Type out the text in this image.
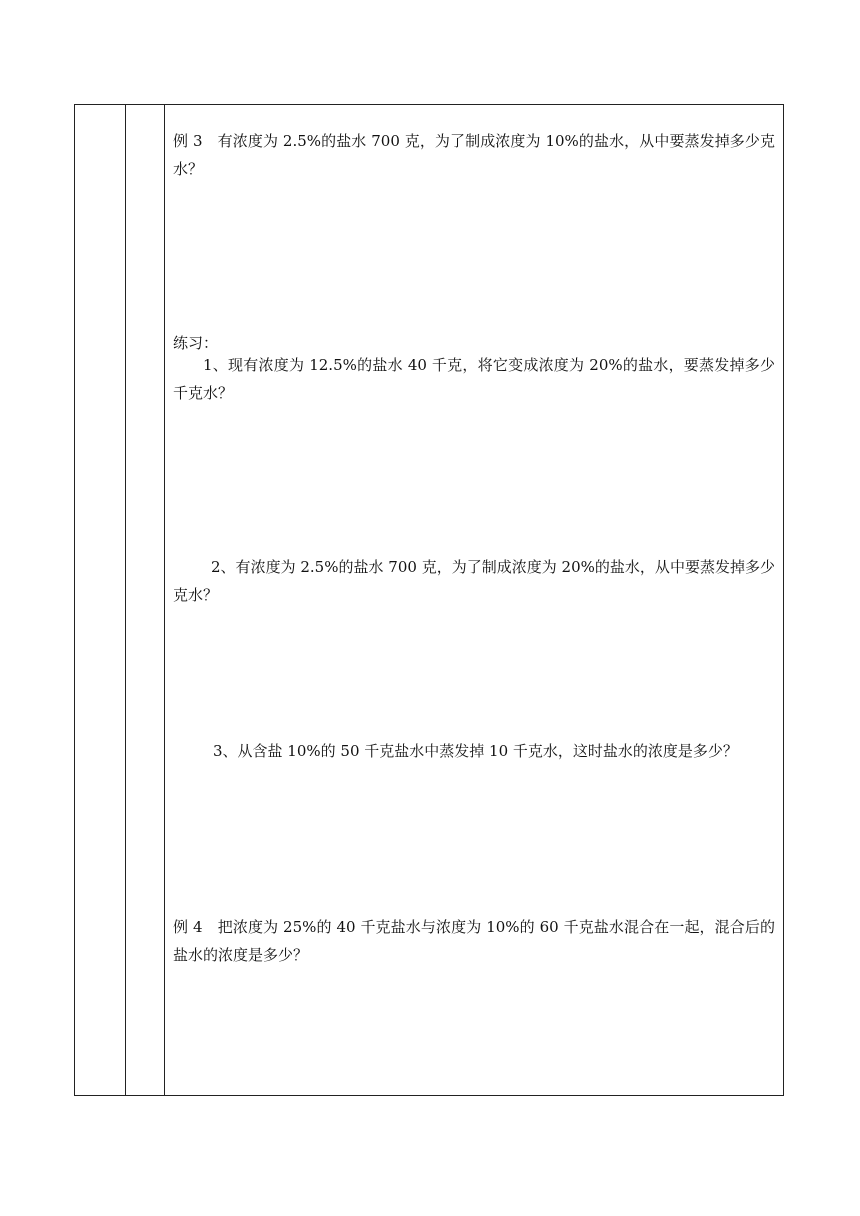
例 3　有浓度为 2.5%的盐水 700 克，为了制成浓度为 10%的盐水，从中要蒸发掉多少克水？

练习：

1、现有浓度为 12.5%的盐水 40 千克，将它变成浓度为 20%的盐水，要蒸发掉多少千克水？

2、有浓度为 2.5%的盐水 700 克，为了制成浓度为 20%的盐水，从中要蒸发掉多少克水？

3、从含盐 10%的 50 千克盐水中蒸发掉 10 千克水，这时盐水的浓度是多少？

例 4　把浓度为 25%的 40 千克盐水与浓度为 10%的 60 千克盐水混合在一起，混合后的盐水的浓度是多少？
